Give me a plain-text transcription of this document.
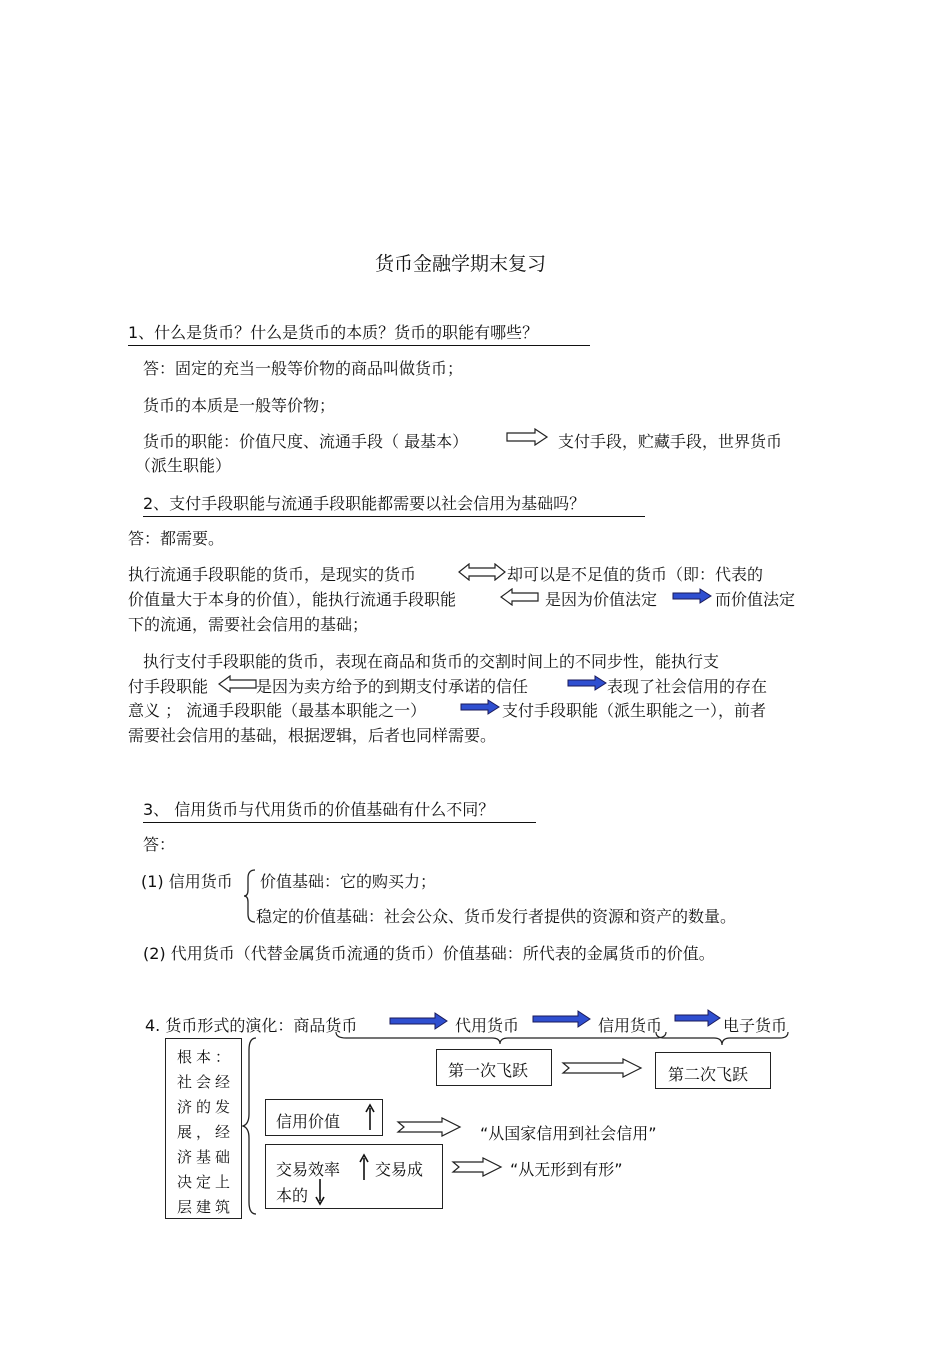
货币金融学期末复习
1、什么是货币？什么是货币的本质？货币的职能有哪些？
答：固定的充当一般等价物的商品叫做货币；
货币的本质是一般等价物；
货币的职能：价值尺度、流通手段（ 最基本）	支付手段，贮藏手段，世界货币
（派生职能）
2、支付手段职能与流通手段职能都需要以社会信用为基础吗？
答：都需要。
执行流通手段职能的货币，是现实的货币	却可以是不足值的货币（即：代表的
价值量大于本身的价值），能执行流通手段职能	是因为价值法定	而价值法定
下的流通，需要社会信用的基础；
执行支付手段职能的货币，表现在商品和货币的交割时间上的不同步性，能执行支
付手段职能	是因为卖方给予的到期支付承诺的信任	表现了社会信用的存在
意义 ； 流通手段职能（最基本职能之一）	支付手段职能（派生职能之一），前者
需要社会信用的基础，根据逻辑，后者也同样需要。
3、 信用货币与代用货币的价值基础有什么不同？
答：
(1) 信用货币 价值基础：它的购买力；
稳定的价值基础：社会公众、货币发行者提供的资源和资产的数量。
(2) 代用货币（代替金属货币流通的货币）价值基础：所代表的金属货币的价值。
4. 货币形式的演化：商品货币	代用货币	信用货币	电子货币
根本：社会经济的发展，经济基础决定上层建筑
第一次飞跃	第二次飞跃
信用价值
“从国家信用到社会信用”
交易效率 交易成
本的
“从无形到有形”
